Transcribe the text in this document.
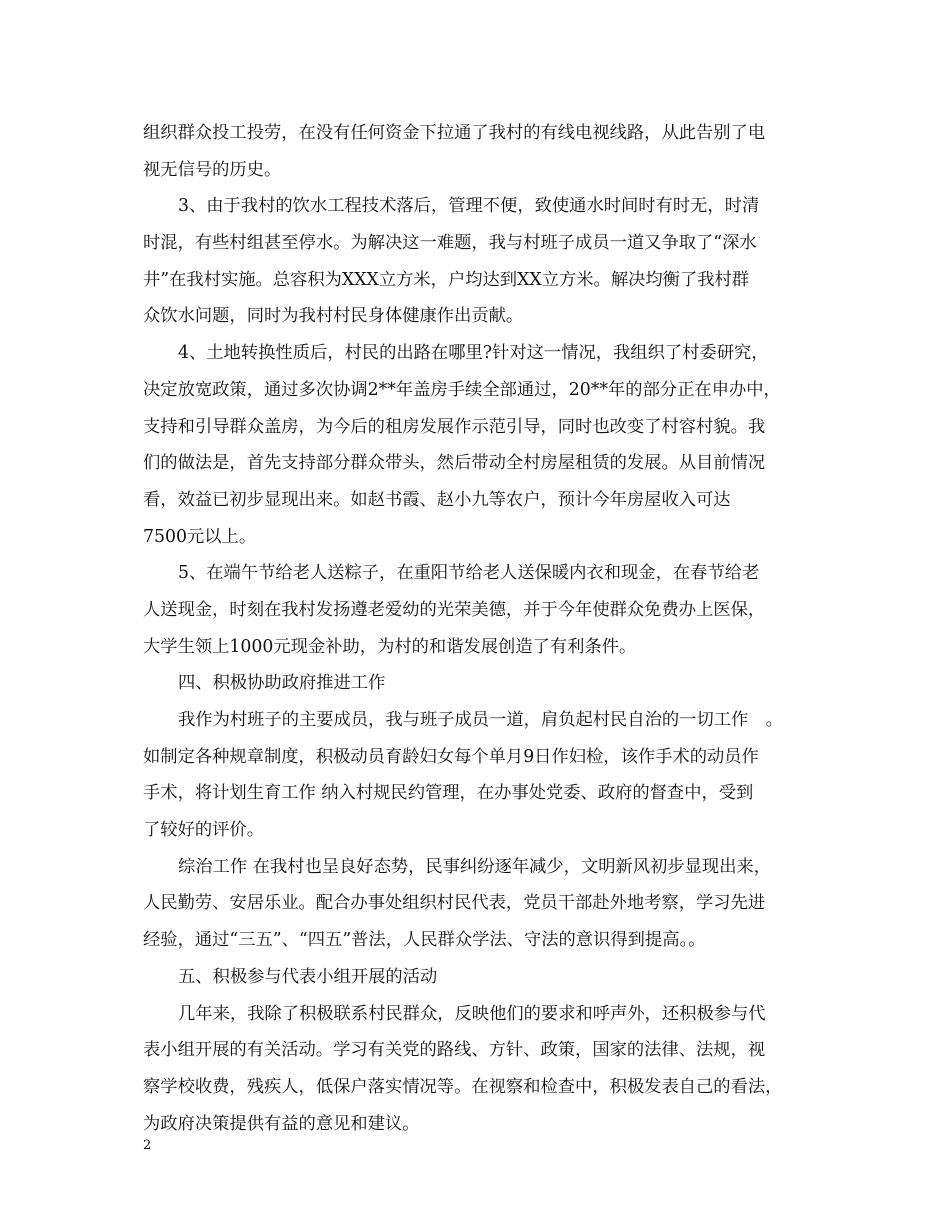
组织群众投工投劳，在没有任何资金下拉通了我村的有线电视线路，从此告别了电
视无信号的历史。
3、由于我村的饮水工程技术落后，管理不便，致使通水时间时有时无，时清
时混，有些村组甚至停水。为解决这一难题，我与村班子成员一道又争取了“深水
井”在我村实施。总容积为XXX立方米，户均达到XX立方米。解决均衡了我村群
众饮水问题，同时为我村村民身体健康作出贡献。
4、土地转换性质后，村民的出路在哪里?针对这一情况，我组织了村委研究，
决定放宽政策，通过多次协调2**年盖房手续全部通过，20**年的部分正在申办中，
支持和引导群众盖房，为今后的租房发展作示范引导，同时也改变了村容村貌。我
们的做法是，首先支持部分群众带头，然后带动全村房屋租赁的发展。从目前情况
看，效益已初步显现出来。如赵书霞、赵小九等农户，预计今年房屋收入可达
7500元以上。
5、在端午节给老人送粽子，在重阳节给老人送保暖内衣和现金，在春节给老
人送现金，时刻在我村发扬遵老爱幼的光荣美德，并于今年使群众免费办上医保，
大学生领上1000元现金补助，为村的和谐发展创造了有利条件。
四、积极协助政府推进工作
我作为村班子的主要成员，我与班子成员一道，肩负起村民自治的一切工作　。
如制定各种规章制度，积极动员育龄妇女每个单月9日作妇检，该作手术的动员作
手术，将计划生育工作 纳入村规民约管理，在办事处党委、政府的督查中，受到
了较好的评价。
综治工作 在我村也呈良好态势，民事纠纷逐年减少，文明新风初步显现出来，
人民勤劳、安居乐业。配合办事处组织村民代表，党员干部赴外地考察，学习先进
经验，通过“三五”、“四五”普法，人民群众学法、守法的意识得到提高。。
五、积极参与代表小组开展的活动
几年来，我除了积极联系村民群众，反映他们的要求和呼声外，还积极参与代
表小组开展的有关活动。学习有关党的路线、方针、政策，国家的法律、法规，视
察学校收费，残疾人，低保户落实情况等。在视察和检查中，积极发表自己的看法，
为政府决策提供有益的意见和建议。
2
